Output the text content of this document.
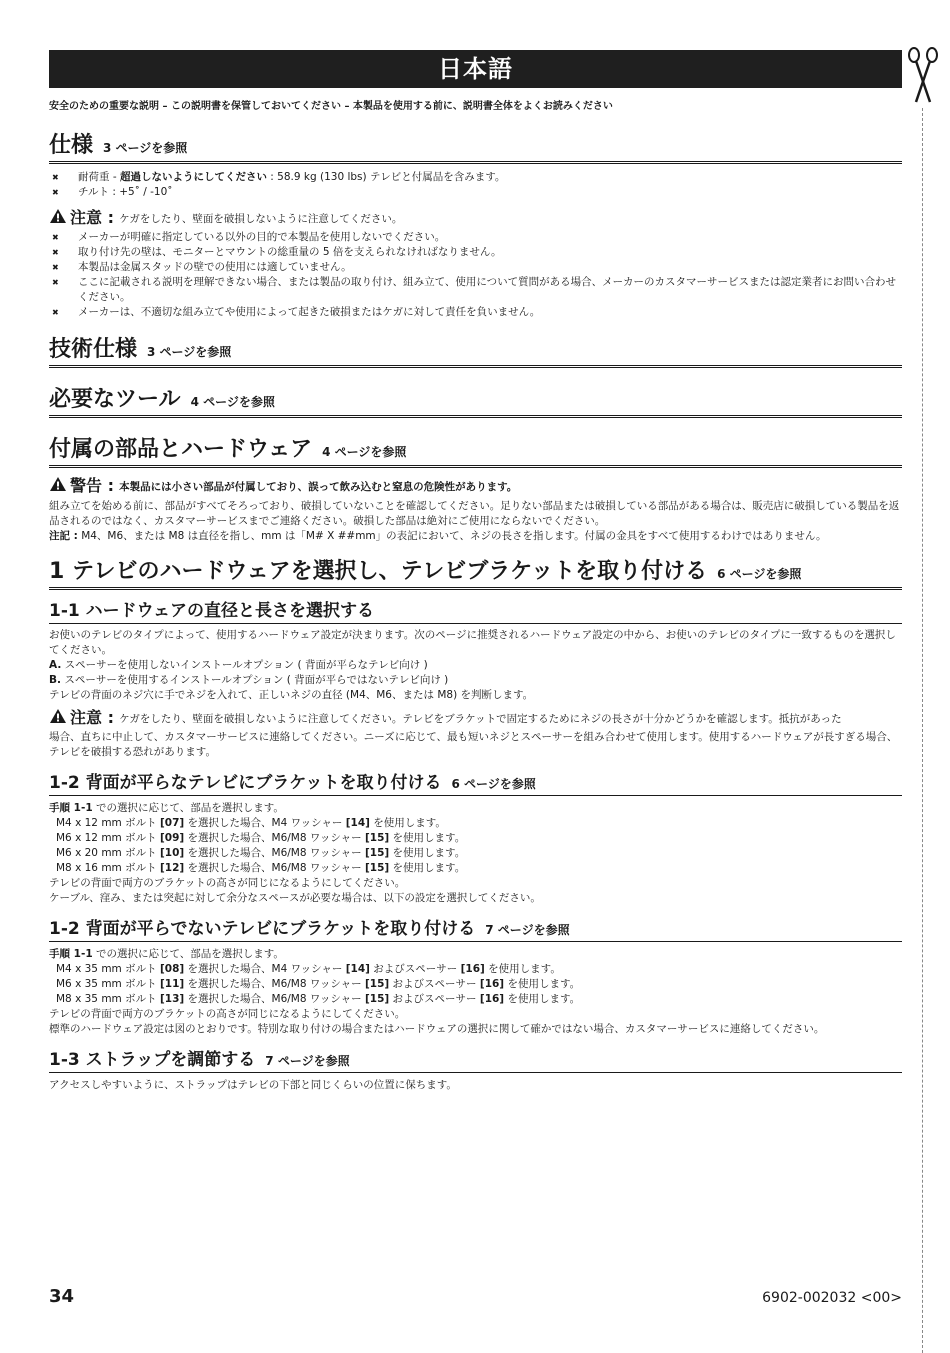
日本語
安全のための重要な説明 – この説明書を保管しておいてください – 本製品を使用する前に、説明書全体をよくお読みください
仕様 3 ページを参照
✖ 耐荷重 - 超過しないようにしてください : 58.9 kg (130 lbs) テレビと付属品を含みます。
✖ チルト : +5˚ / -10˚
注意 : ケガをしたり、壁面を破損しないように注意してください。
✖ メーカーが明確に指定している以外の目的で本製品を使用しないでください。
✖ 取り付け先の壁は、モニターとマウントの総重量の 5 倍を支えられなければなりません。
✖ 本製品は金属スタッドの壁での使用には適していません。
✖ ここに記載される説明を理解できない場合、または製品の取り付け、組み立て、使用について質問がある場合、メーカーのカスタマーサービスまたは認定業者にお問い合わせください。
✖ メーカーは、不適切な組み立てや使用によって起きた破損またはケガに対して責任を負いません。
技術仕様 3 ページを参照
必要なツール 4 ページを参照
付属の部品とハードウェア 4 ページを参照
警告 : 本製品には小さい部品が付属しており、誤って飲み込むと窒息の危険性があります。
組み立てを始める前に、部品がすべてそろっており、破損していないことを確認してください。足りない部品または破損している部品がある場合は、販売店に破損している製品を返品されるのではなく、カスタマーサービスまでご連絡ください。破損した部品は絶対にご使用にならないでください。
注記 : M4、M6、または M8 は直径を指し、mm は「M# X ##mm」の表記において、ネジの長さを指します。付属の金具をすべて使用するわけではありません。
1 テレビのハードウェアを選択し、テレビブラケットを取り付ける 6 ページを参照
1-1 ハードウェアの直径と長さを選択する
お使いのテレビのタイプによって、使用するハードウェア設定が決まります。次のページに推奨されるハードウェア設定の中から、お使いのテレビのタイプに一致するものを選択してください。
A. スペーサーを使用しないインストールオプション ( 背面が平らなテレビ向け )
B. スペーサーを使用するインストールオプション ( 背面が平らではないテレビ向け )
テレビの背面のネジ穴に手でネジを入れて、正しいネジの直径 (M4、M6、または M8) を判断します。
注意 : ケガをしたり、壁面を破損しないように注意してください。テレビをブラケットで固定するためにネジの長さが十分かどうかを確認します。抵抗があった
場合、直ちに中止して、カスタマーサービスに連絡してください。ニーズに応じて、最も短いネジとスペーサーを組み合わせて使用します。使用するハードウェアが長すぎる場合、テレビを破損する恐れがあります。
1-2 背面が平らなテレビにブラケットを取り付ける 6 ページを参照
手順 1-1 での選択に応じて、部品を選択します。
M4 x 12 mm ボルト [07] を選択した場合、M4 ワッシャー [14] を使用します。
M6 x 12 mm ボルト [09] を選択した場合、M6/M8 ワッシャー [15] を使用します。
M6 x 20 mm ボルト [10] を選択した場合、M6/M8 ワッシャー [15] を使用します。
M8 x 16 mm ボルト [12] を選択した場合、M6/M8 ワッシャー [15] を使用します。
テレビの背面で両方のブラケットの高さが同じになるようにしてください。
ケーブル、窪み、または突起に対して余分なスペースが必要な場合は、以下の設定を選択してください。
1-2 背面が平らでないテレビにブラケットを取り付ける 7 ページを参照
手順 1-1 での選択に応じて、部品を選択します。
M4 x 35 mm ボルト [08] を選択した場合、M4 ワッシャー [14] およびスペーサー [16] を使用します。
M6 x 35 mm ボルト [11] を選択した場合、M6/M8 ワッシャー [15] およびスペーサー [16] を使用します。
M8 x 35 mm ボルト [13] を選択した場合、M6/M8 ワッシャー [15] およびスペーサー [16] を使用します。
テレビの背面で両方のブラケットの高さが同じになるようにしてください。
標準のハードウェア設定は図のとおりです。特別な取り付けの場合またはハードウェアの選択に関して確かではない場合、カスタマーサービスに連絡してください。
1-3 ストラップを調節する 7 ページを参照
アクセスしやすいように、ストラップはテレビの下部と同じくらいの位置に保ちます。
34	6902-002032 <00>
